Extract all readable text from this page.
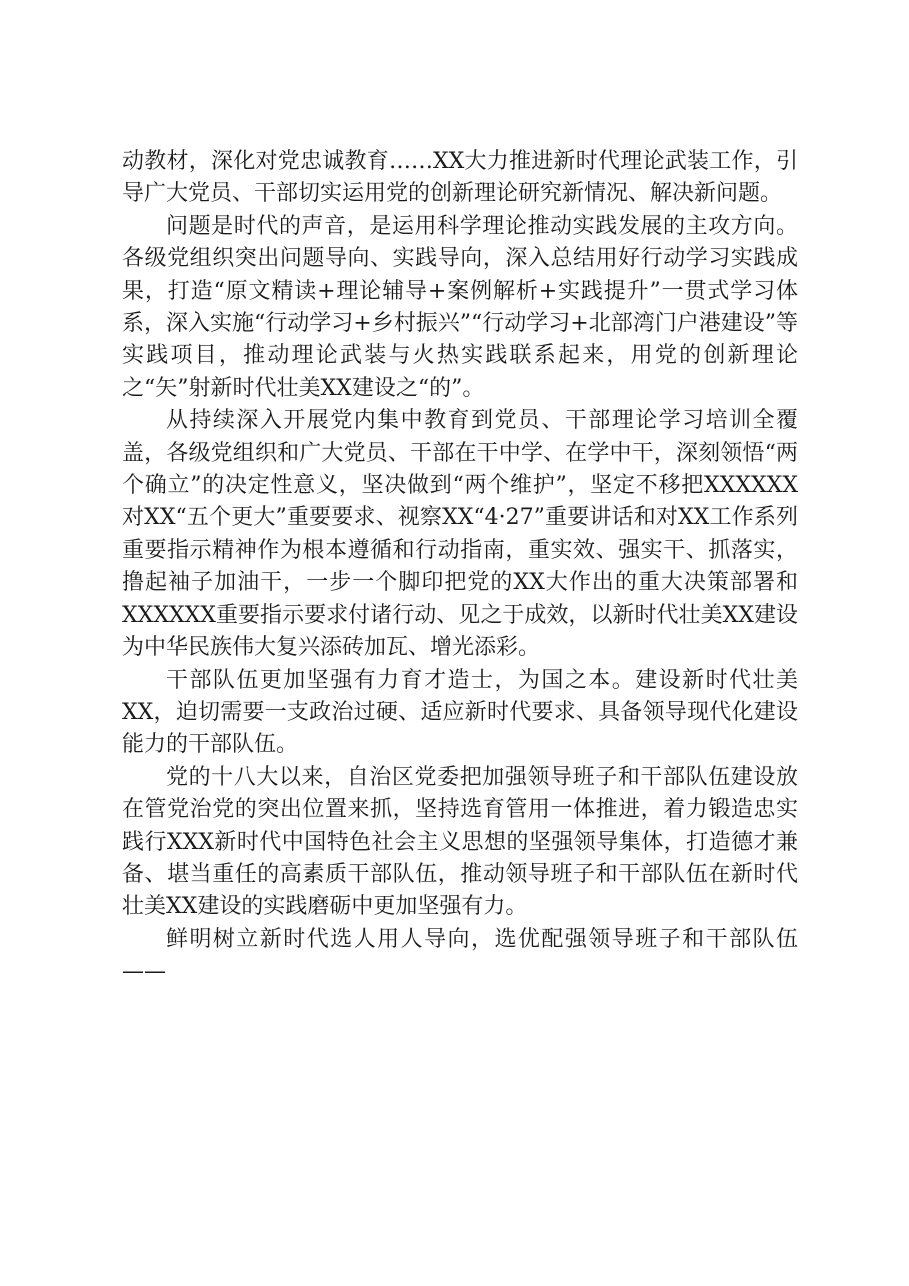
动教材，深化对党忠诚教育……XX大力推进新时代理论武装工作，引导广大党员、干部切实运用党的创新理论研究新情况、解决新问题。

问题是时代的声音，是运用科学理论推动实践发展的主攻方向。各级党组织突出问题导向、实践导向，深入总结用好行动学习实践成果，打造“原文精读+理论辅导+案例解析+实践提升”一贯式学习体系，深入实施“行动学习+乡村振兴”“行动学习+北部湾门户港建设”等实践项目，推动理论武装与火热实践联系起来，用党的创新理论之“矢”射新时代壮美XX建设之“的”。

从持续深入开展党内集中教育到党员、干部理论学习培训全覆盖，各级党组织和广大党员、干部在干中学、在学中干，深刻领悟“两个确立”的决定性意义，坚决做到“两个维护”，坚定不移把XXXXXX对XX“五个更大”重要要求、视察XX“4·27”重要讲话和对XX工作系列重要指示精神作为根本遵循和行动指南，重实效、强实干、抓落实，撸起袖子加油干，一步一个脚印把党的XX大作出的重大决策部署和XXXXXX重要指示要求付诸行动、见之于成效，以新时代壮美XX建设为中华民族伟大复兴添砖加瓦、增光添彩。

干部队伍更加坚强有力育才造士，为国之本。建设新时代壮美XX，迫切需要一支政治过硬、适应新时代要求、具备领导现代化建设能力的干部队伍。

党的十八大以来，自治区党委把加强领导班子和干部队伍建设放在管党治党的突出位置来抓，坚持选育管用一体推进，着力锻造忠实践行XXX新时代中国特色社会主义思想的坚强领导集体，打造德才兼备、堪当重任的高素质干部队伍，推动领导班子和干部队伍在新时代壮美XX建设的实践磨砺中更加坚强有力。

鲜明树立新时代选人用人导向，选优配强领导班子和干部队伍——
